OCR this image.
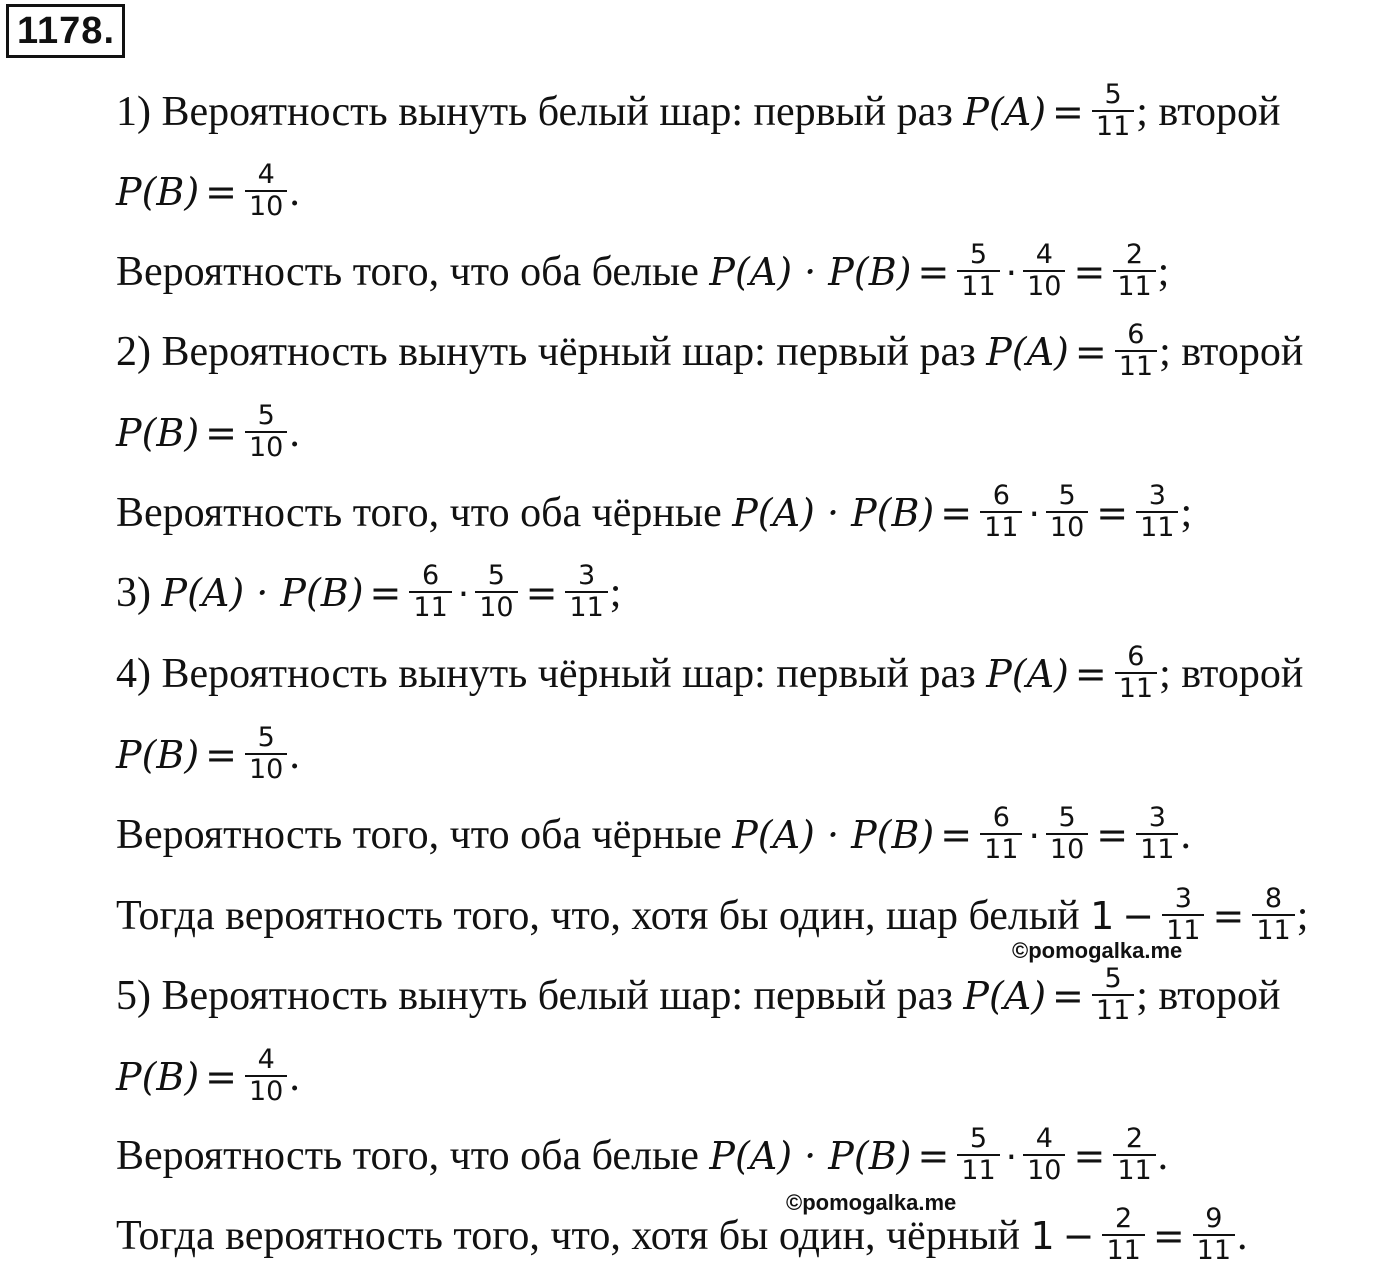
1178.
1) Вероятность вынуть белый шар: первый раз $P(A) = \frac{5}{11}$ ; второй
$P(B) = \frac{4}{10}$ .
Вероятность того, что оба белые $P(A) \cdot P(B) = \frac{5}{11} \cdot \frac{4}{10} = \frac{2}{11}$ ;
2) Вероятность вынуть чёрный шар: первый раз $P(A) = \frac{6}{11}$ ; второй
$P(B) = \frac{5}{10}$ .
Вероятность того, что оба чёрные $P(A) \cdot P(B) = \frac{6}{11} \cdot \frac{5}{10} = \frac{3}{11}$ ;
3) $P(A) \cdot P(B) = \frac{6}{11} \cdot \frac{5}{10} = \frac{3}{11}$ ;
4) Вероятность вынуть чёрный шар: первый раз $P(A) = \frac{6}{11}$ ; второй
$P(B) = \frac{5}{10}$ .
Вероятность того, что оба чёрные $P(A) \cdot P(B) = \frac{6}{11} \cdot \frac{5}{10} = \frac{3}{11}$ .
Тогда вероятность того, что, хотя бы один, шар белый $1 - \frac{3}{11} = \frac{8}{11}$ ;
©pomogalka.me
5) Вероятность вынуть белый шар: первый раз $P(A) = \frac{5}{11}$ ; второй
$P(B) = \frac{4}{10}$ .
Вероятность того, что оба белые $P(A) \cdot P(B) = \frac{5}{11} \cdot \frac{4}{10} = \frac{2}{11}$ .
©pomogalka.me
Тогда вероятность того, что, хотя бы один, чёрный $1 - \frac{2}{11} = \frac{9}{11}$ .
